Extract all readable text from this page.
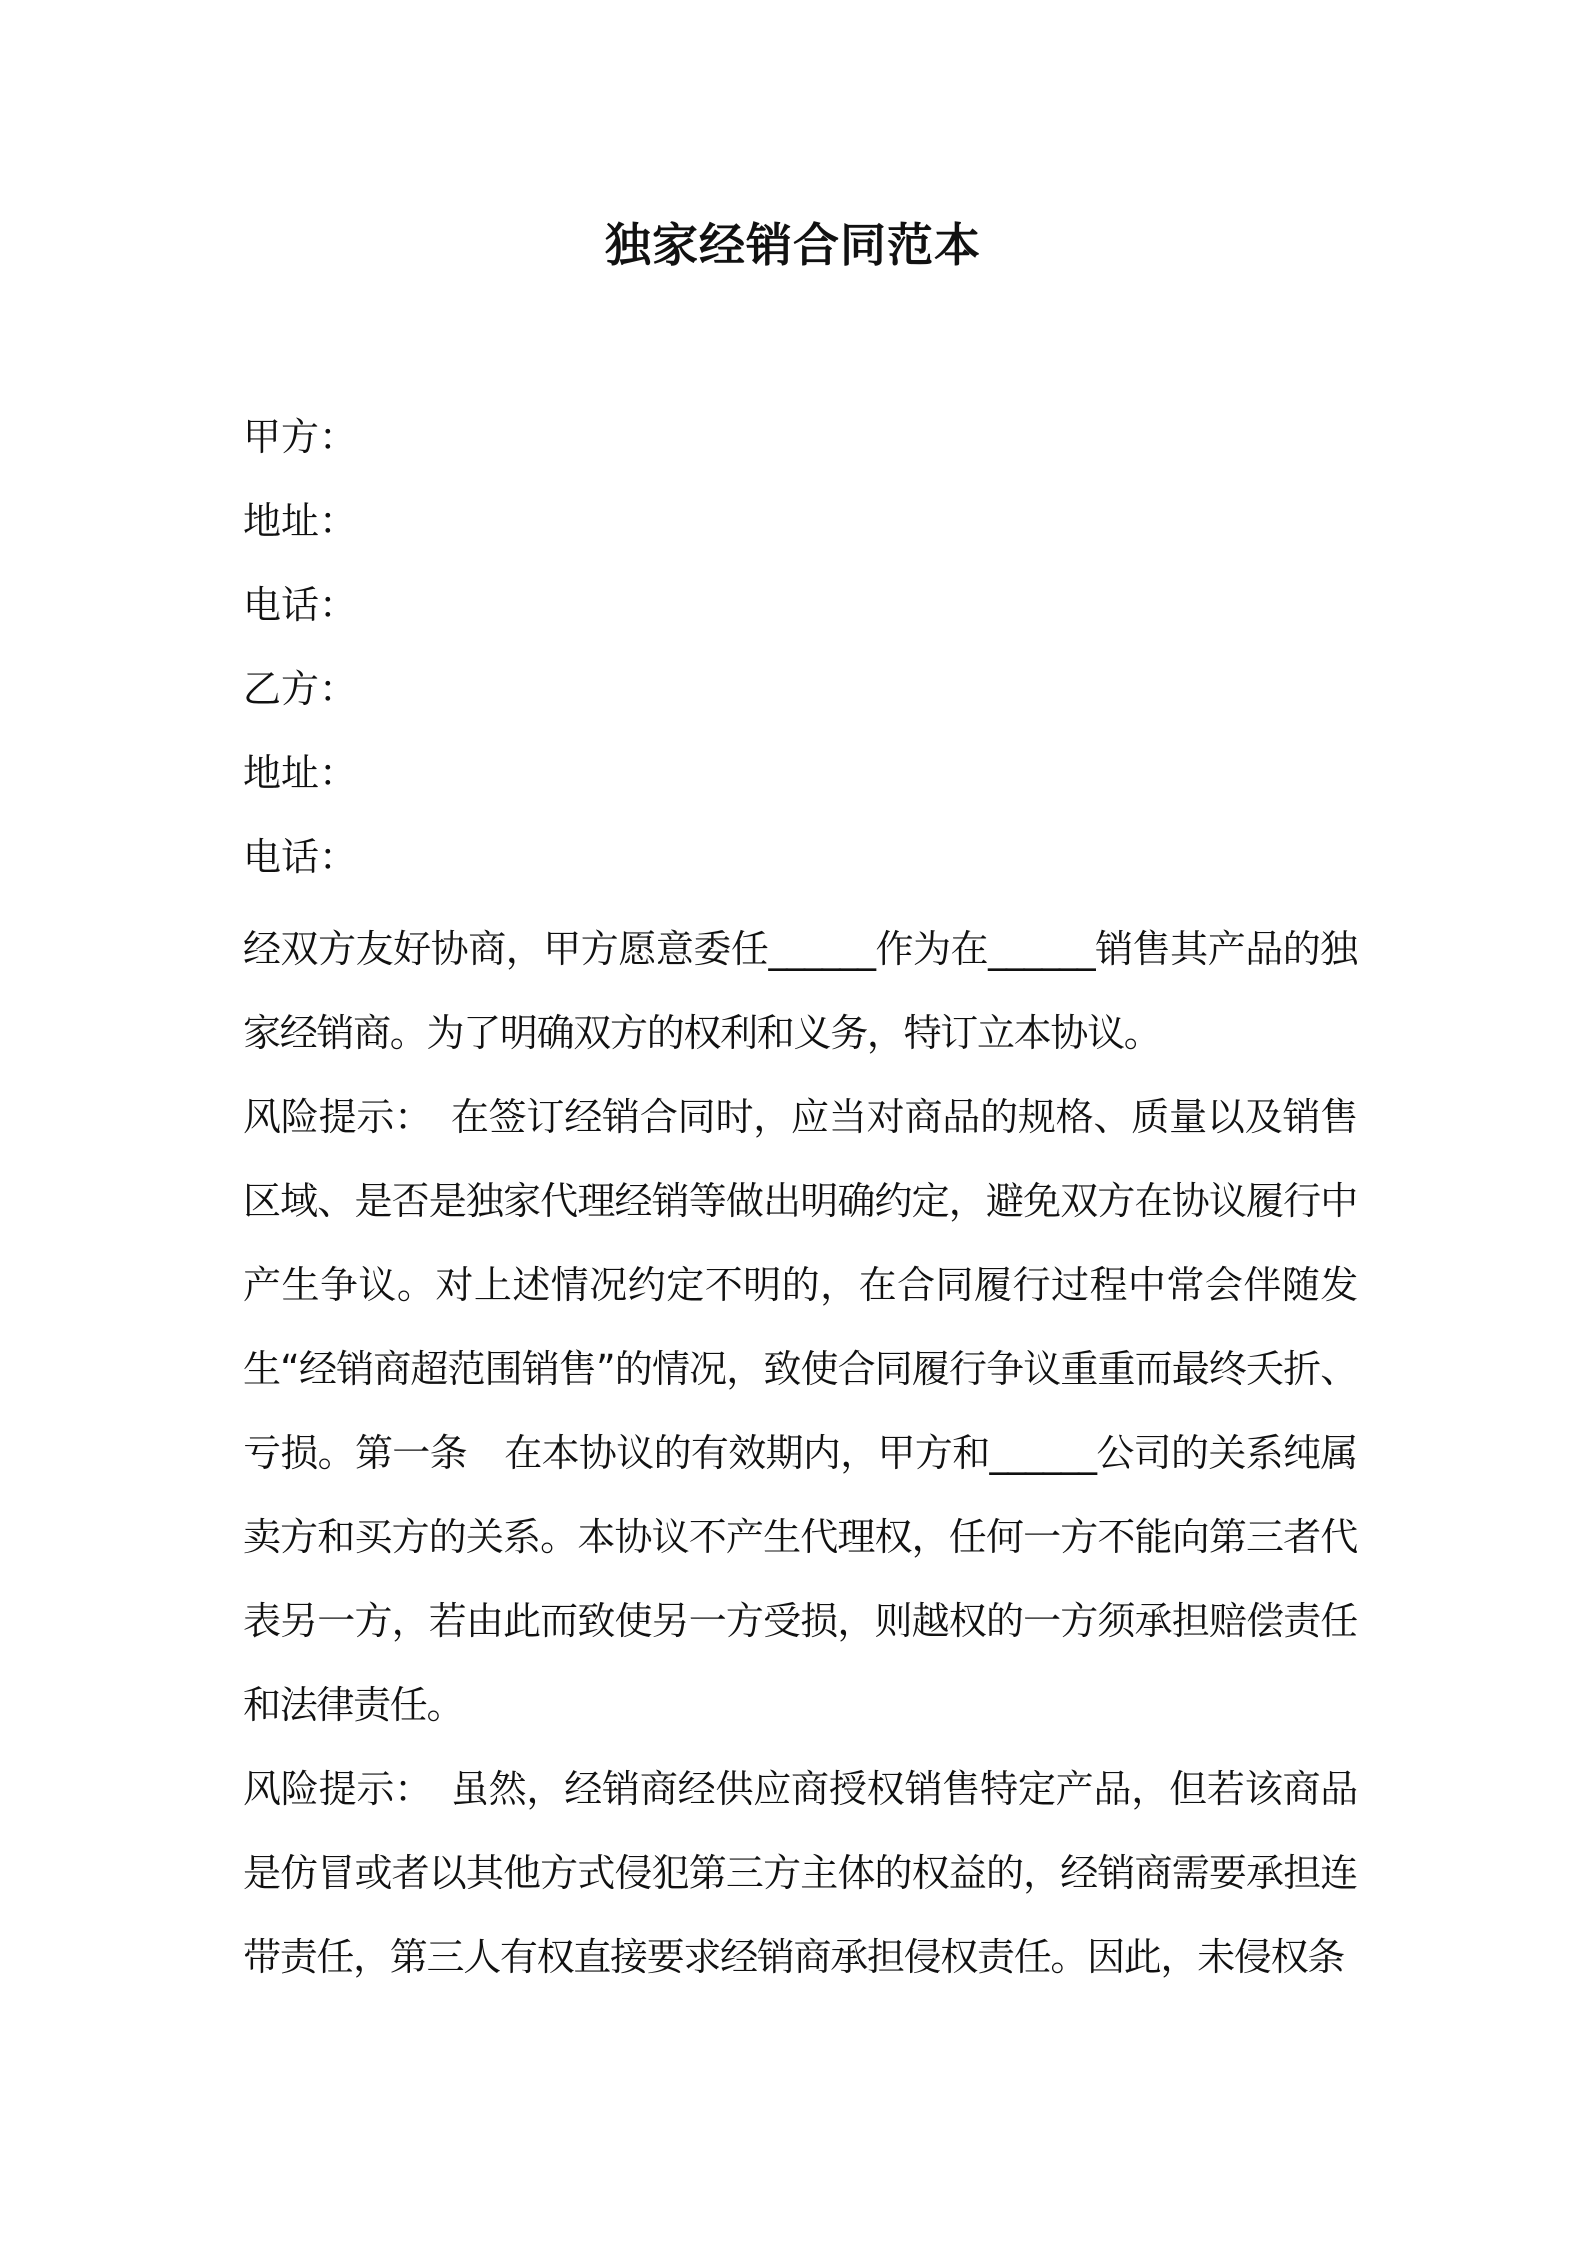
独家经销合同范本
甲方：
地址：
电话：
乙方：
地址：
电话：

经双方友好协商，甲方愿意委任______作为在______销售其产品的独家经销商。为了明确双方的权利和义务，特订立本协议。

风险提示：　在签订经销合同时，应当对商品的规格、质量以及销售区域、是否是独家代理经销等做出明确约定，避免双方在协议履行中产生争议。对上述情况约定不明的，在合同履行过程中常会伴随发生“经销商超范围销售”的情况，致使合同履行争议重重而最终夭折、亏损。第一条　在本协议的有效期内，甲方和______公司的关系纯属卖方和买方的关系。本协议不产生代理权，任何一方不能向第三者代表另一方，若由此而致使另一方受损，则越权的一方须承担赔偿责任和法律责任。

风险提示：　虽然，经销商经供应商授权销售特定产品，但若该商品是仿冒或者以其他方式侵犯第三方主体的权益的，经销商需要承担连带责任，第三人有权直接要求经销商承担侵权责任。因此，未侵权条
